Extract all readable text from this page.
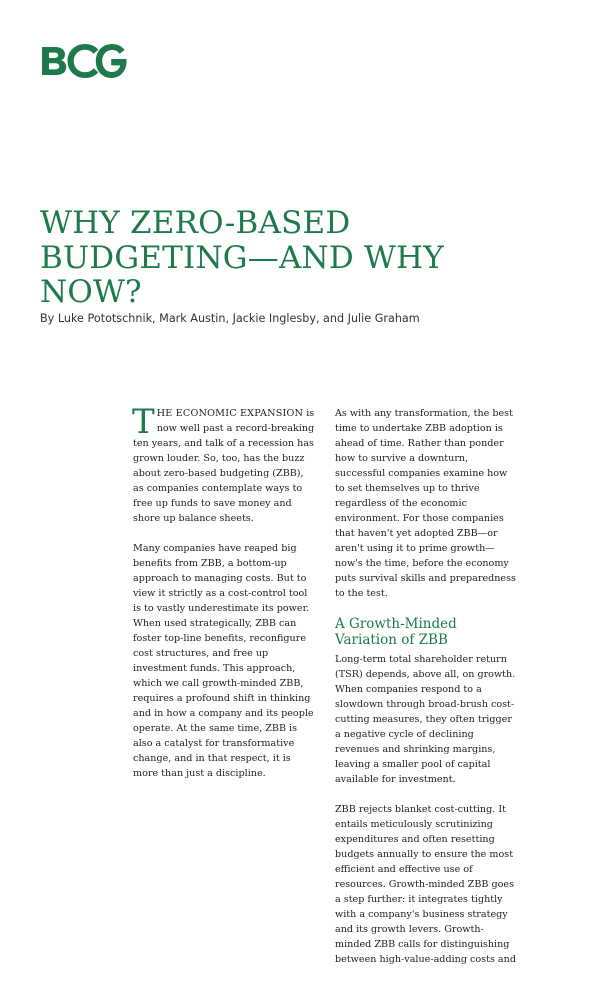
WHY ZERO-BASED BUDGETING—AND WHY NOW?

By Luke Pototschnik, Mark Austin, Jackie Inglesby, and Julie Graham

THE ECONOMIC EXPANSION is now well past a record-breaking ten years, and talk of a recession has grown louder. So, too, has the buzz about zero-based budgeting (ZBB), as companies contemplate ways to free up funds to save money and shore up balance sheets.

Many companies have reaped big benefits from ZBB, a bottom-up approach to managing costs. But to view it strictly as a cost-control tool is to vastly underestimate its power. When used strategically, ZBB can foster top-line benefits, reconfigure cost structures, and free up investment funds. This approach, which we call growth-minded ZBB, requires a profound shift in thinking and in how a company and its people operate. At the same time, ZBB is also a catalyst for transformative change, and in that respect, it is more than just a discipline.

As with any transformation, the best time to undertake ZBB adoption is ahead of time. Rather than ponder how to survive a downturn, successful companies examine how to set themselves up to thrive regardless of the economic environment. For those companies that haven't yet adopted ZBB—or aren't using it to prime growth—now's the time, before the economy puts survival skills and preparedness to the test.

A Growth-Minded Variation of ZBB

Long-term total shareholder return (TSR) depends, above all, on growth. When companies respond to a slowdown through broad-brush cost-cutting measures, they often trigger a negative cycle of declining revenues and shrinking margins, leaving a smaller pool of capital available for investment.

ZBB rejects blanket cost-cutting. It entails meticulously scrutinizing expenditures and often resetting budgets annually to ensure the most efficient and effective use of resources. Growth-minded ZBB goes a step further: it integrates tightly with a company's business strategy and its growth levers. Growth-minded ZBB calls for distinguishing between high-value-adding costs and
